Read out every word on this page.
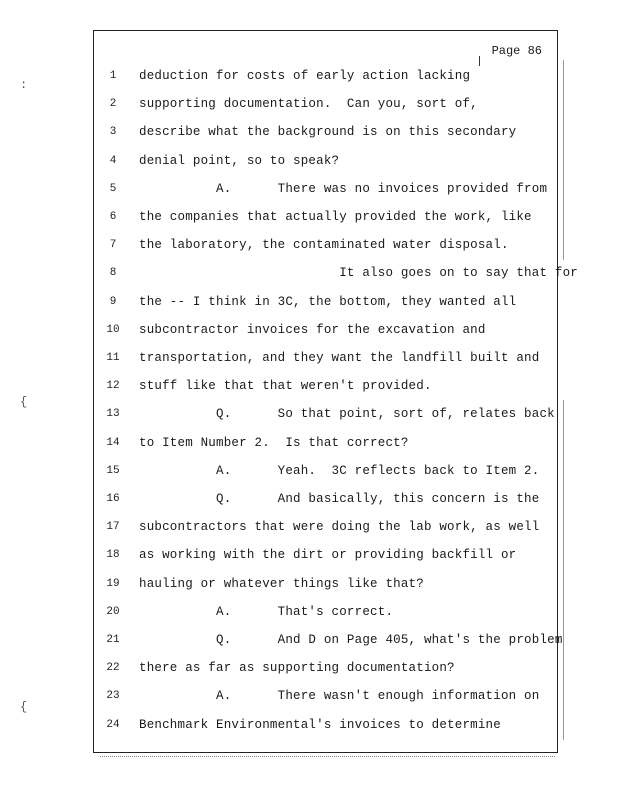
Page 86
1	deduction for costs of early action lacking
2	supporting documentation.  Can you, sort of,
3	describe what the background is on this secondary
4	denial point, so to speak?
5	A.      There was no invoices provided from
6	the companies that actually provided the work, like
7	the laboratory, the contaminated water disposal.
8	It also goes on to say that for
9	the -- I think in 3C, the bottom, they wanted all
10	subcontractor invoices for the excavation and
11	transportation, and they want the landfill built and
12	stuff like that that weren't provided.
13	Q.      So that point, sort of, relates back
14	to Item Number 2.  Is that correct?
15	A.      Yeah.  3C reflects back to Item 2.
16	Q.      And basically, this concern is the
17	subcontractors that were doing the lab work, as well
18	as working with the dirt or providing backfill or
19	hauling or whatever things like that?
20	A.      That's correct.
21	Q.      And D on Page 405, what's the problem
22	there as far as supporting documentation?
23	A.      There wasn't enough information on
24	Benchmark Environmental's invoices to determine
:
{
{
